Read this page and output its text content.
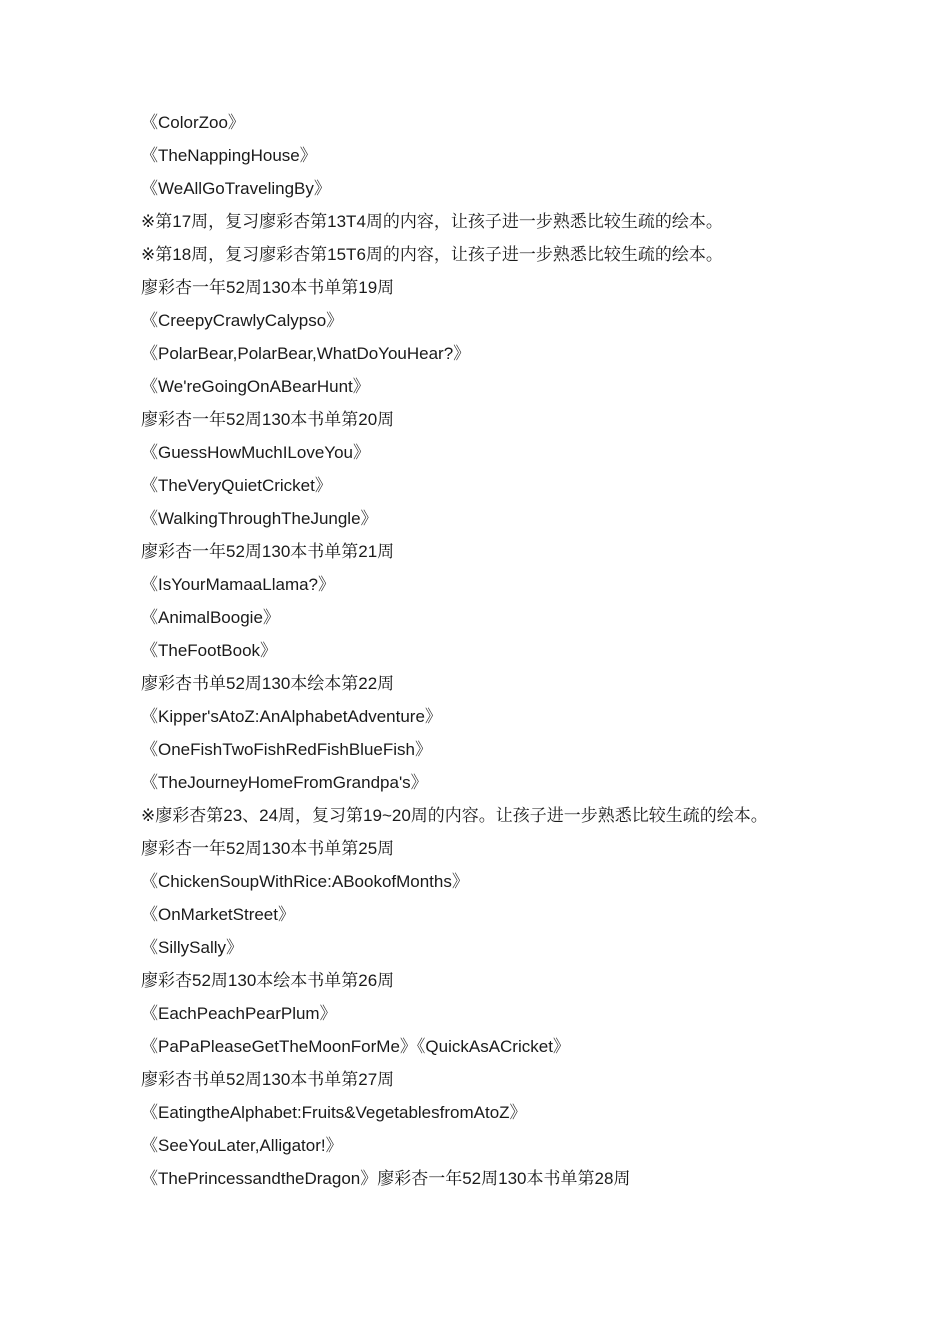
《ColorZoo》
《TheNappingHouse》
《WeAllGoTravelingBy》
※第17周，复习廖彩杏第13T4周的内容，让孩子进一步熟悉比较生疏的绘本。
※第18周，复习廖彩杏第15T6周的内容，让孩子进一步熟悉比较生疏的绘本。
廖彩杏一年52周130本书单第19周
《CreepyCrawlyCalypso》
《PolarBear,PolarBear,WhatDoYouHear?》
《We'reGoingOnABearHunt》
廖彩杏一年52周130本书单第20周
《GuessHowMuchILoveYou》
《TheVeryQuietCricket》
《WalkingThroughTheJungle》
廖彩杏一年52周130本书单第21周
《IsYourMamaaLlama?》
《AnimalBoogie》
《TheFootBook》
廖彩杏书单52周130本绘本第22周
《Kipper'sAtoZ:AnAlphabetAdventure》
《OneFishTwoFishRedFishBlueFish》
《TheJourneyHomeFromGrandpa's》
※廖彩杏第23、24周，复习第19~20周的内容。让孩子进一步熟悉比较生疏的绘本。
廖彩杏一年52周130本书单第25周
《ChickenSoupWithRice:ABookofMonths》
《OnMarketStreet》
《SillySally》
廖彩杏52周130本绘本书单第26周
《EachPeachPearPlum》
《PaPaPleaseGetTheMoonForMe》《QuickAsACricket》
廖彩杏书单52周130本书单第27周
《EatingtheAlphabet:Fruits&VegetablesfromAtoZ》
《SeeYouLater,Alligator!》
《ThePrincessandtheDragon》廖彩杏一年52周130本书单第28周
